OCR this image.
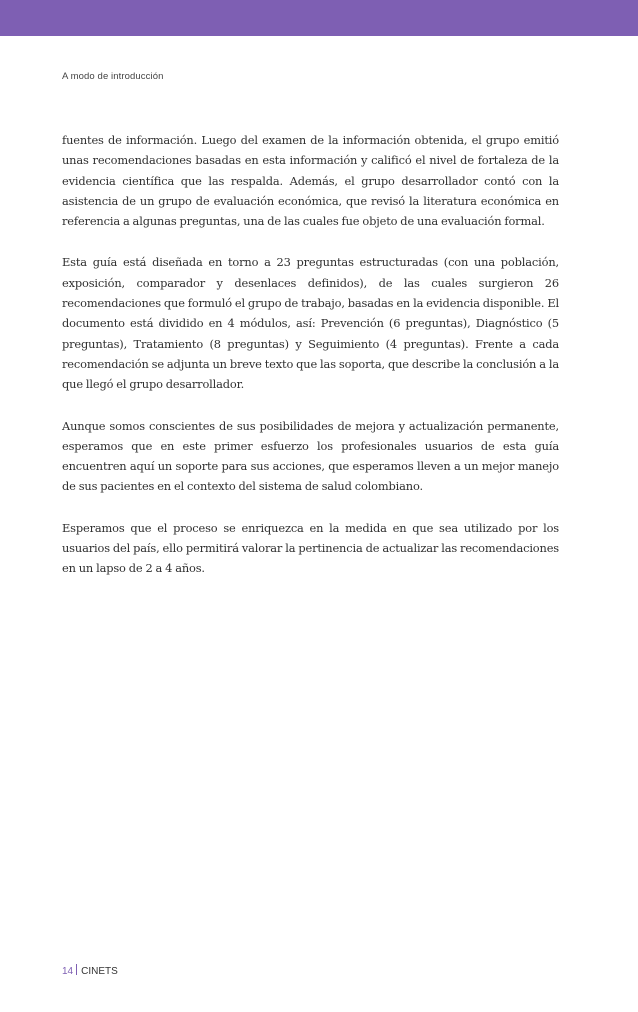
A modo de introducción

fuentes de información. Luego del examen de la información obtenida, el grupo emitió unas recomendaciones basadas en esta información y calificó el nivel de fortaleza de la evidencia científica que las respalda. Además, el grupo desarrollador contó con la asistencia de un grupo de evaluación económica, que revisó la literatura económica en referencia a algunas preguntas, una de las cuales fue objeto de una evaluación formal.

Esta guía está diseñada en torno a 23 preguntas estructuradas (con una población, exposición, comparador y desenlaces definidos), de las cuales surgieron 26 recomendaciones que formuló el grupo de trabajo, basadas en la evidencia disponible. El documento está dividido en 4 módulos, así: Prevención (6 preguntas), Diagnóstico (5 preguntas), Tratamiento (8 preguntas) y Seguimiento (4 preguntas). Frente a cada recomendación se adjunta un breve texto que las soporta, que describe la conclusión a la que llegó el grupo desarrollador.

Aunque somos conscientes de sus posibilidades de mejora y actualización permanente, esperamos que en este primer esfuerzo los profesionales usuarios de esta guía encuentren aquí un soporte para sus acciones, que esperamos lleven a un mejor manejo de sus pacientes en el contexto del sistema de salud colombiano.

Esperamos que el proceso se enriquezca en la medida en que sea utilizado por los usuarios del país, ello permitirá valorar la pertinencia de actualizar las recomendaciones en un lapso de 2 a 4 años.

14 CINETS
